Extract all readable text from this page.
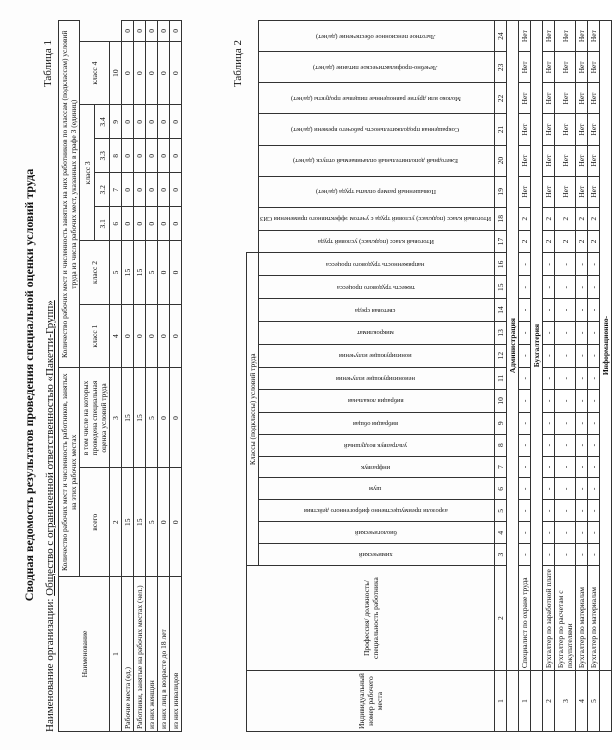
Сводная ведомость результатов проведения специальной оценки условий труда
Наименование организации: Общество с ограниченной ответственностью «Пакетти-Групп»
Таблица 1
Наименование	Количество рабочих мест и численность работников, занятых на этих рабочих местах		Количество рабочих мест и численность занятых на них работников по классам (подклассам) условий труда из числа рабочих мест, указанных в графе 3 (единиц)							
	всего	в том числе на которых проведена специальная оценка условий труда	класс 1	класс 2	класс 3				класс 4	
					3.1	3.2	3.3	3.4		
1	2	3	4	5	6	7	8	9	10	
Рабочие места (ед.)	15	15	0	15	0	0	0	0	0	0
Работники, занятые на рабочих местах (чел.)	15	15	0	15	0	0	0	0	0	0
из них женщин	5	5	0	5	0	0	0	0	0	0
из них лиц в возрасте до 18 лет	0	0	0	0	0	0	0	0	0	0
из них инвалидов	0	0	0	0	0	0	0	0	0	0
Таблица 2
Индивидуальный номер рабочего места	Профессия/ должность/ специальность работника	Классы (подклассы) условий труда																					
		химический	биологический	аэрозоли преимущественно фиброгенного действия	шум	инфразвук	ультразвук воздушный	вибрация общая	вибрация локальная	неионизирующие излучения	ионизирующие излучения	микроклимат	световая среда	тяжесть трудового процесса	напряженность трудового процесса	Итоговый класс (подкласс) условий труда	Итоговый класс (подкласс) условий труда с учетом эффективного применения СИЗ	Повышенный размер оплаты труда (да/нет)	Ежегодный дополнительный оплачиваемый отпуск (да/нет)	Сокращенная продолжительность рабочего времени (да/нет)	Молоко или другие равноценные пищевые продукты (да/нет)	Лечебно-профилактическое питание (да/нет)	Льготное пенсионное обеспечение (да/нет)
1	2	3	4	5	6	7	8	9	10	11	12	13	14	15	16	17	18	19	20	21	22	23	24
	Администрация																						
1	Специалист по охране труда	-	-	-	-	-	-	-	-	-	-	-	-	-	-	2	2	Нет	Нет	Нет	Нет	Нет	Нет
	Бухгалтерия																						
2	Бухгалтер по заработной плате	-	-	-	-	-	-	-	-	-	-	-	-	-	-	2	2	Нет	Нет	Нет	Нет	Нет	Нет
3	Бухгалтер по расчетам с покупателями	-	-	-	-	-	-	-	-	-	-	-	-	-	-	2	2	Нет	Нет	Нет	Нет	Нет	Нет
4	Бухгалтер по материалам	-	-	-	-	-	-	-	-	-	-	-	-	-	-	2	2	Нет	Нет	Нет	Нет	Нет	Нет
5	Бухгалтер по материалам	-	-	-	-	-	-	-	-	-	-	-	-	-	-	2	2	Нет	Нет	Нет	Нет	Нет	Нет
	Информационно-																						
